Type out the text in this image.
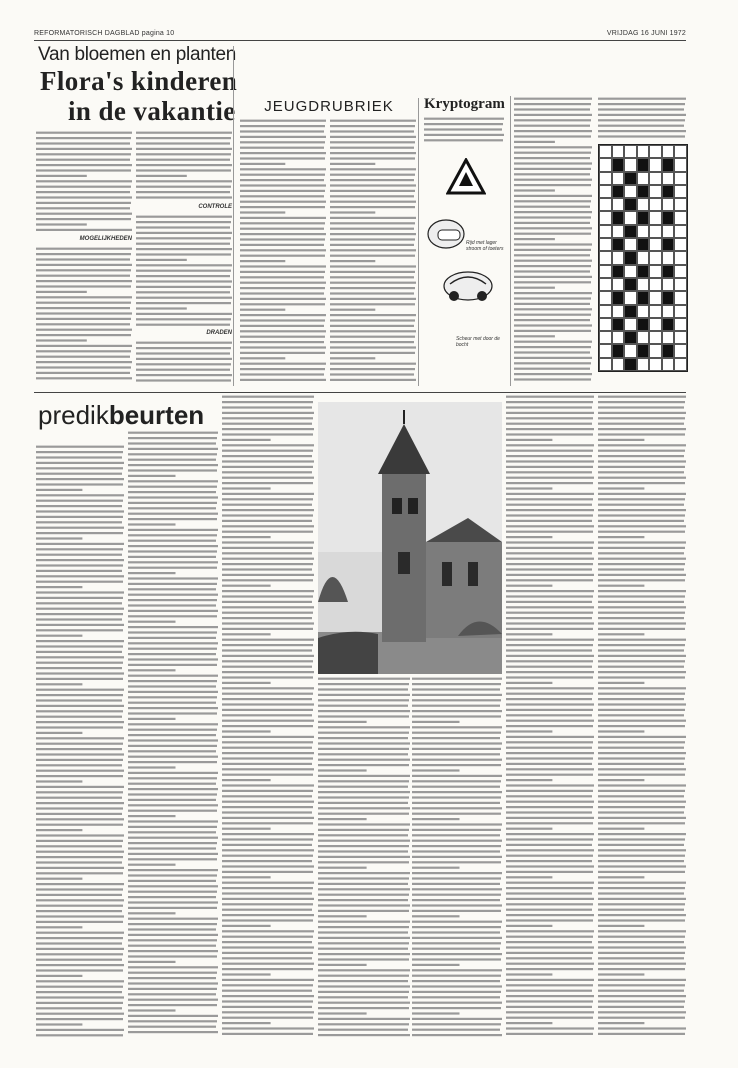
REFORMATORISCH DAGBLAD pagina 10	VRIJDAG 16 JUNI 1972
Van bloemen en planten
Flora's kinderen
in de vakantie
MOGELIJKHEDEN
CONTROLE
DRADEN
JEUGDRUBRIEK	Kryptogram
Rijd met lager stroom of toeters
Scheur met door de bocht
predikbeurten
